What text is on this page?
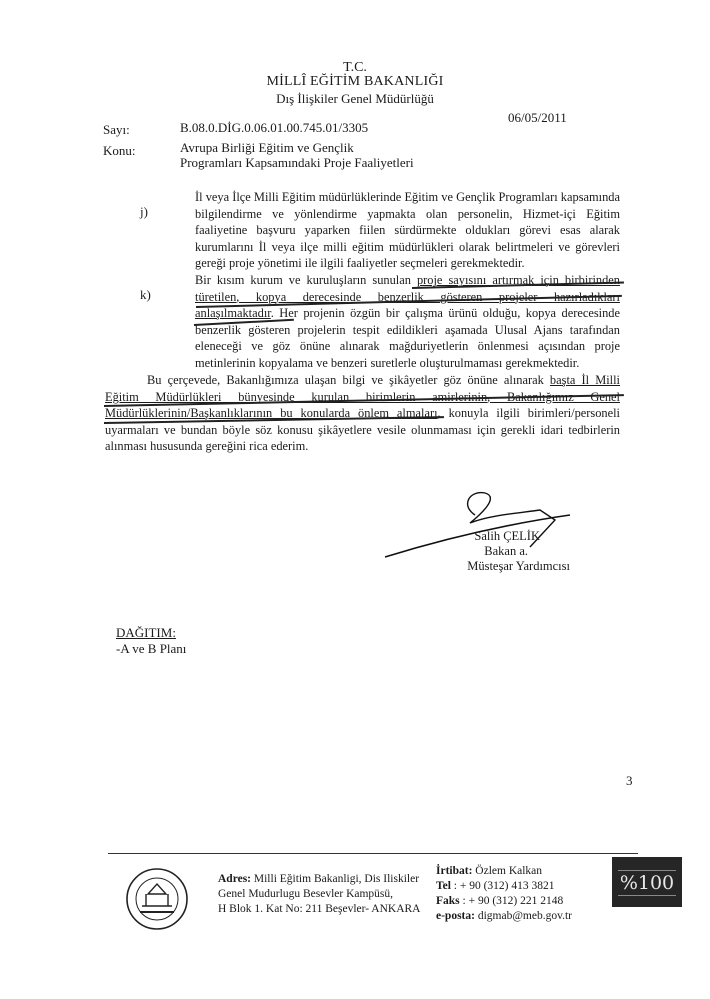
T.C.
MİLLÎ EĞİTİM BAKANLIĞI
Dış İlişkiler Genel Müdürlüğü
Sayı:	B.08.0.DİG.0.06.01.00.745.01/3305
06/05/2011
Konu:	Avrupa Birliği Eğitim ve Gençlik
Programları Kapsamındaki Proje Faaliyetleri
j)
İl veya İlçe Milli Eğitim müdürlüklerinde Eğitim ve Gençlik Programları kapsamında bilgilendirme ve yönlendirme yapmakta olan personelin, Hizmet-içi Eğitim faaliyetine başvuru yaparken fiilen sürdürmekte oldukları görevi esas alarak kurumlarını İl veya ilçe milli eğitim müdürlükleri olarak belirtmeleri ve görevleri gereği proje yönetimi ile ilgili faaliyetler seçmeleri gerekmektedir.
k)
Bir kısım kurum ve kuruluşların sunulan proje sayısını artırmak için birbirinden türetilen, kopya derecesinde benzerlik gösteren projeler hazırladıkları anlaşılmaktadır. Her projenin özgün bir çalışma ürünü olduğu, kopya derecesinde benzerlik gösteren projelerin tespit edildikleri aşamada Ulusal Ajans tarafından eleneceği ve göz önüne alınarak mağduriyetlerin önlenmesi açısından proje metinlerinin kopyalama ve benzeri suretlerle oluşturulmaması gerekmektedir.
Bu çerçevede, Bakanlığımıza ulaşan bilgi ve şikâyetler göz önüne alınarak başta İl Milli Eğitim Müdürlükleri bünyesinde kurulan birimlerin amirlerinin, Bakanlığımız Genel Müdürlüklerinin/Başkanlıklarının bu konularda önlem almaları, konuyla ilgili birimleri/personeli uyarmaları ve bundan böyle söz konusu şikâyetlere vesile olunmaması için gerekli idari tedbirlerin alınması hususunda gereğini rica ederim.
Salih ÇELİK
Bakan a.
Müsteşar Yardımcısı
DAĞITIM:
-A ve B Planı
3
Adres: Milli Eğitim Bakanligi, Dis Iliskiler
Genel Mudurlugu Besevler Kampüsü,
H Blok 1. Kat No: 211 Beşevler- ANKARA
İrtibat: Özlem Kalkan
Tel : + 90 (312) 413 3821
Faks : + 90 (312) 221 2148
e-posta: digmab@meb.gov.tr
%100
